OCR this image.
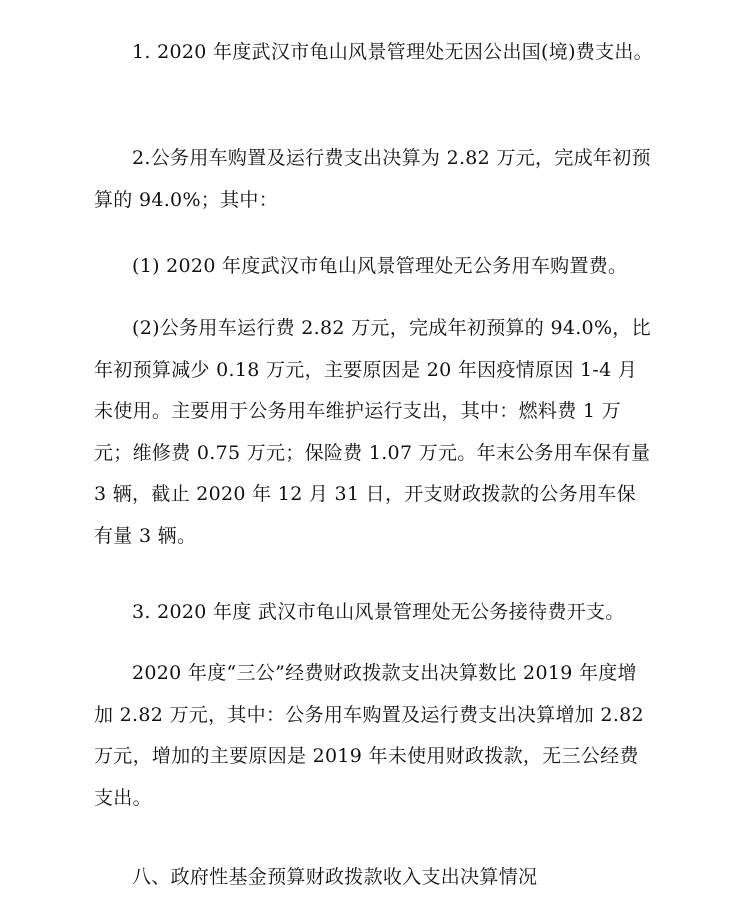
1. 2020 年度武汉市龟山风景管理处无因公出国(境)费支出。

2.公务用车购置及运行费支出决算为 2.82 万元，完成年初预算的 94.0%；其中：

(1) 2020 年度武汉市龟山风景管理处无公务用车购置费。

(2)公务用车运行费 2.82 万元，完成年初预算的 94.0%，比年初预算减少 0.18 万元，主要原因是 20 年因疫情原因 1-4 月未使用。主要用于公务用车维护运行支出，其中：燃料费 1 万元；维修费 0.75 万元；保险费 1.07 万元。年末公务用车保有量 3 辆，截止 2020 年 12 月 31 日，开支财政拨款的公务用车保有量 3 辆。

3. 2020 年度 武汉市龟山风景管理处无公务接待费开支。

2020 年度“三公”经费财政拨款支出决算数比 2019 年度增加 2.82 万元，其中：公务用车购置及运行费支出决算增加 2.82 万元，增加的主要原因是 2019 年未使用财政拨款，无三公经费支出。

八、政府性基金预算财政拨款收入支出决算情况
